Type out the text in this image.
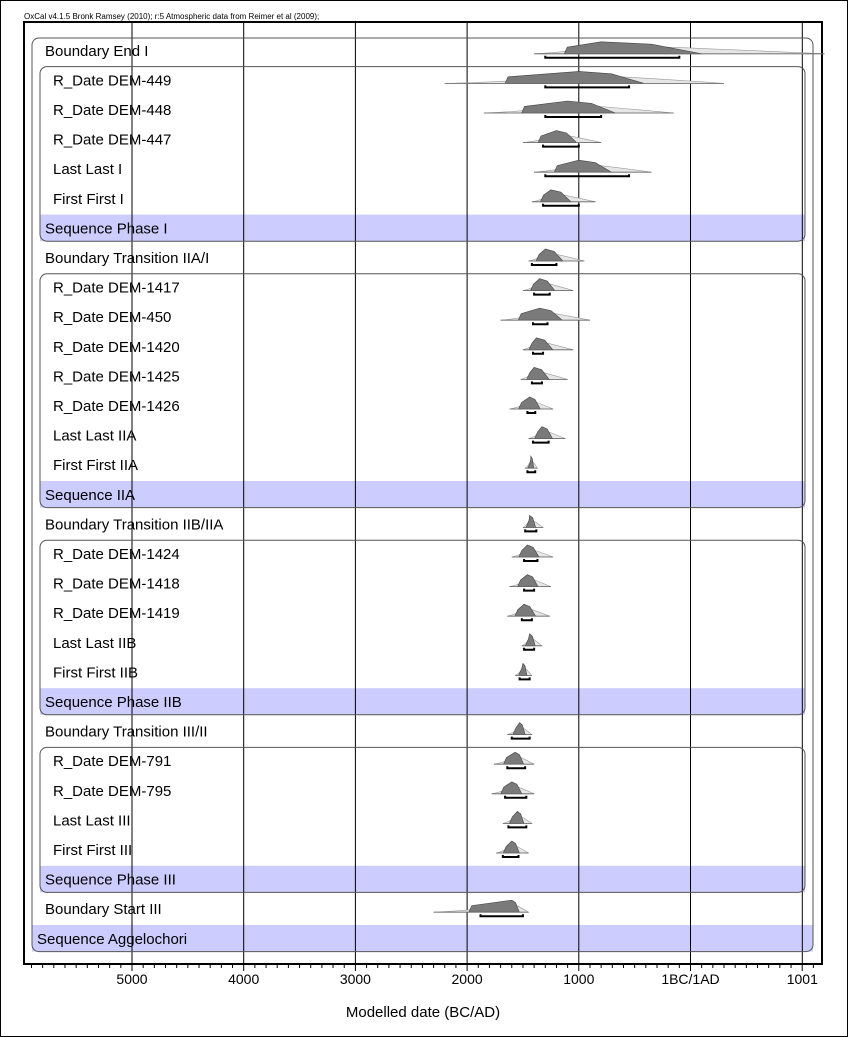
OxCal v4.1.5 Bronk Ramsey (2010); r:5 Atmospheric data from Reimer et al (2009);
Boundary End I
R_Date DEM-449
R_Date DEM-448
R_Date DEM-447
Last Last I
First First I
Sequence Phase I
Boundary Transition IIA/I
R_Date DEM-1417
R_Date DEM-450
R_Date DEM-1420
R_Date DEM-1425
R_Date DEM-1426
Last Last IIA
First First IIA
Sequence IIA
Boundary Transition IIB/IIA
R_Date DEM-1424
R_Date DEM-1418
R_Date DEM-1419
Last Last IIB
First First IIB
Sequence Phase IIB
Boundary Transition III/II
R_Date DEM-791
R_Date DEM-795
Last Last III
First First III
Sequence Phase III
Boundary Start III
Sequence Aggelochori
5000	4000	3000	2000	1000	1BC/1AD	1001
Modelled date (BC/AD)
